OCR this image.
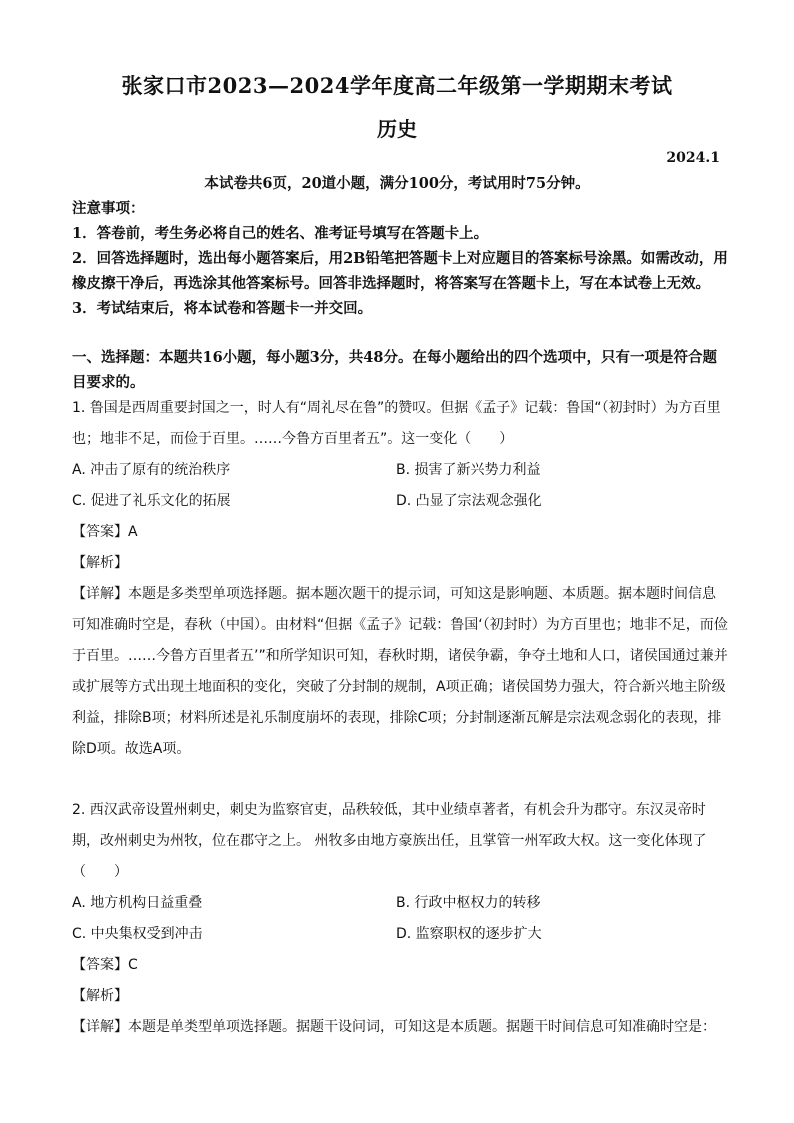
张家口市2023—2024学年度高二年级第一学期期末考试
历史
2024.1
本试卷共6页，20道小题，满分100分，考试用时75分钟。

注意事项：

1．答卷前，考生务必将自己的姓名、准考证号填写在答题卡上。

2．回答选择题时，选出每小题答案后，用2B铅笔把答题卡上对应题目的答案标号涂黑。如需改动，用橡皮擦干净后，再选涂其他答案标号。回答非选择题时，将答案写在答题卡上，写在本试卷上无效。

3．考试结束后，将本试卷和答题卡一并交回。

一、选择题：本题共16小题，每小题3分，共48分。在每小题给出的四个选项中，只有一项是符合题目要求的。

1. 鲁国是西周重要封国之一，时人有“周礼尽在鲁”的赞叹。但据《孟子》记载：鲁国“（初封时）为方百里也；地非不足，而俭于百里。……今鲁方百里者五”。这一变化（　　）

A. 冲击了原有的统治秩序	B. 损害了新兴势力利益
C. 促进了礼乐文化的拓展	D. 凸显了宗法观念强化

【答案】A

【解析】

【详解】本题是多类型单项选择题。据本题次题干的提示词，可知这是影响题、本质题。据本题时间信息可知准确时空是，春秋（中国）。由材料“但据《孟子》记载：鲁国‘（初封时）为方百里也；地非不足，而俭于百里。……今鲁方百里者五’”和所学知识可知，春秋时期，诸侯争霸，争夺土地和人口，诸侯国通过兼并或扩展等方式出现土地面积的变化，突破了分封制的规制，A项正确；诸侯国势力强大，符合新兴地主阶级利益，排除B项；材料所述是礼乐制度崩坏的表现，排除C项；分封制逐渐瓦解是宗法观念弱化的表现，排除D项。故选A项。

2. 西汉武帝设置州刺史，刺史为监察官吏，品秩较低，其中业绩卓著者，有机会升为郡守。东汉灵帝时期，改州刺史为州牧，位在郡守之上。 州牧多由地方豪族出任，且掌管一州军政大权。这一变化体现了（　　）

A. 地方机构日益重叠	B. 行政中枢权力的转移
C. 中央集权受到冲击	D. 监察职权的逐步扩大

【答案】C

【解析】

【详解】本题是单类型单项选择题。据题干设问词，可知这是本质题。据题干时间信息可知准确时空是：
